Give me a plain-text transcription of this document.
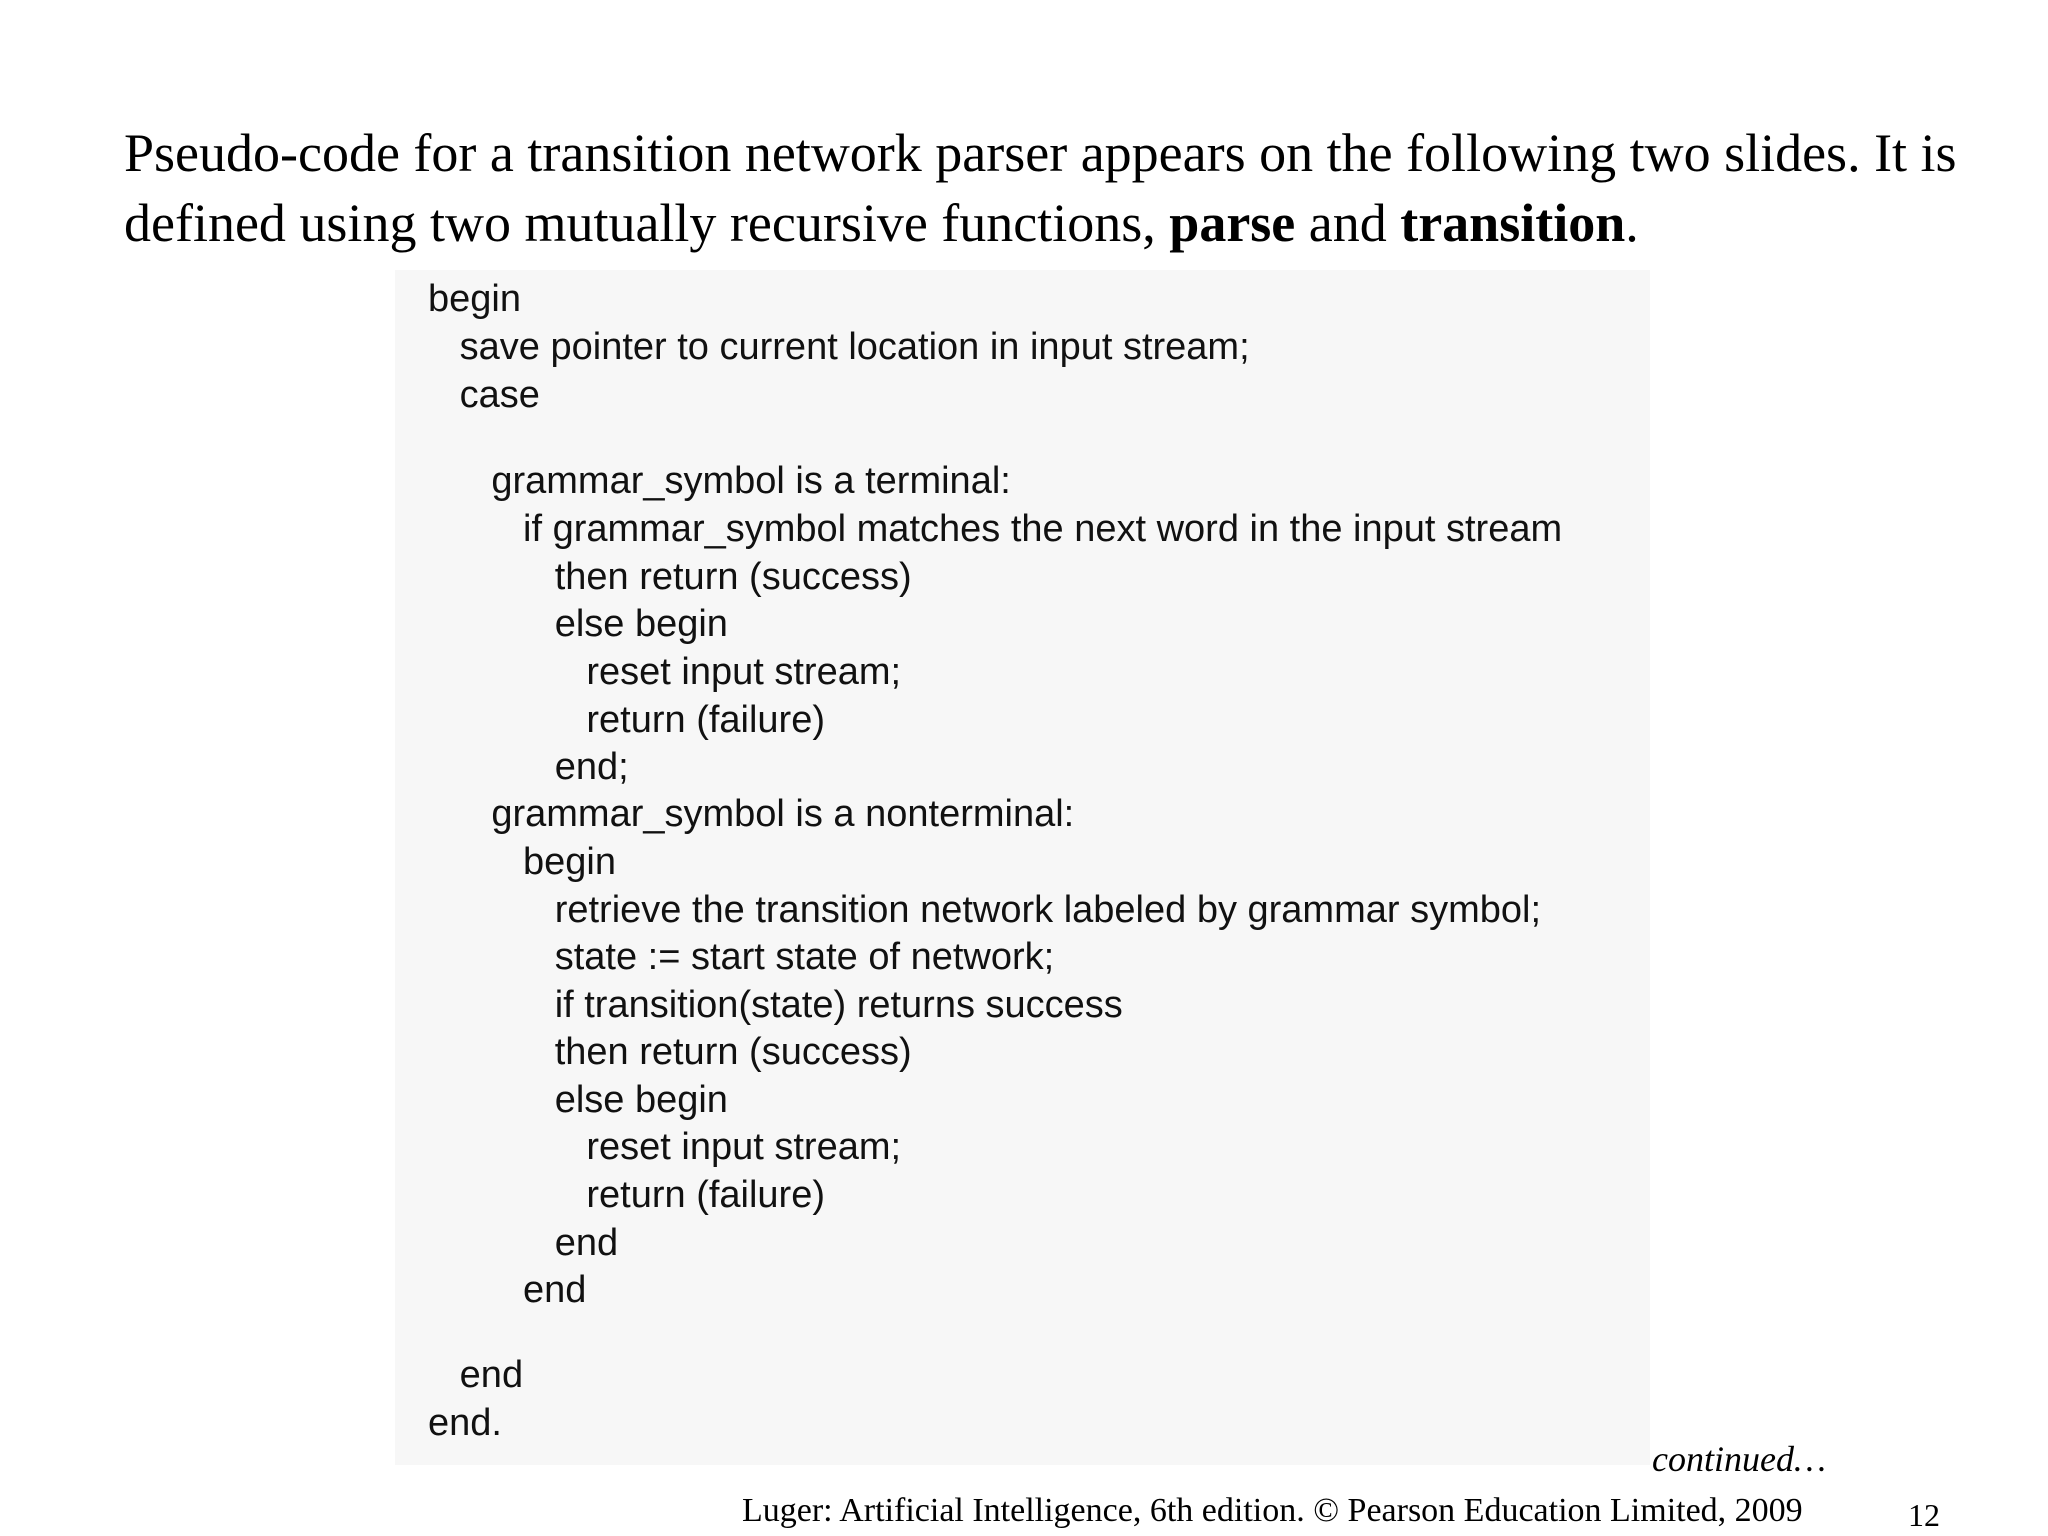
Pseudo-code for a transition network parser appears on the following two slides. It is defined using two mutually recursive functions, parse and transition.

begin
save pointer to current location in input stream;
case
grammar_symbol is a terminal:
if grammar_symbol matches the next word in the input stream
then return (success)
else begin
reset input stream;
return (failure)
end;
grammar_symbol is a nonterminal:
begin
retrieve the transition network labeled by grammar symbol;
state := start state of network;
if transition(state) returns success
then return (success)
else begin
reset input stream;
return (failure)
end
end
end
end.
continued…
Luger: Artificial Intelligence, 6th edition. © Pearson Education Limited, 2009	12
